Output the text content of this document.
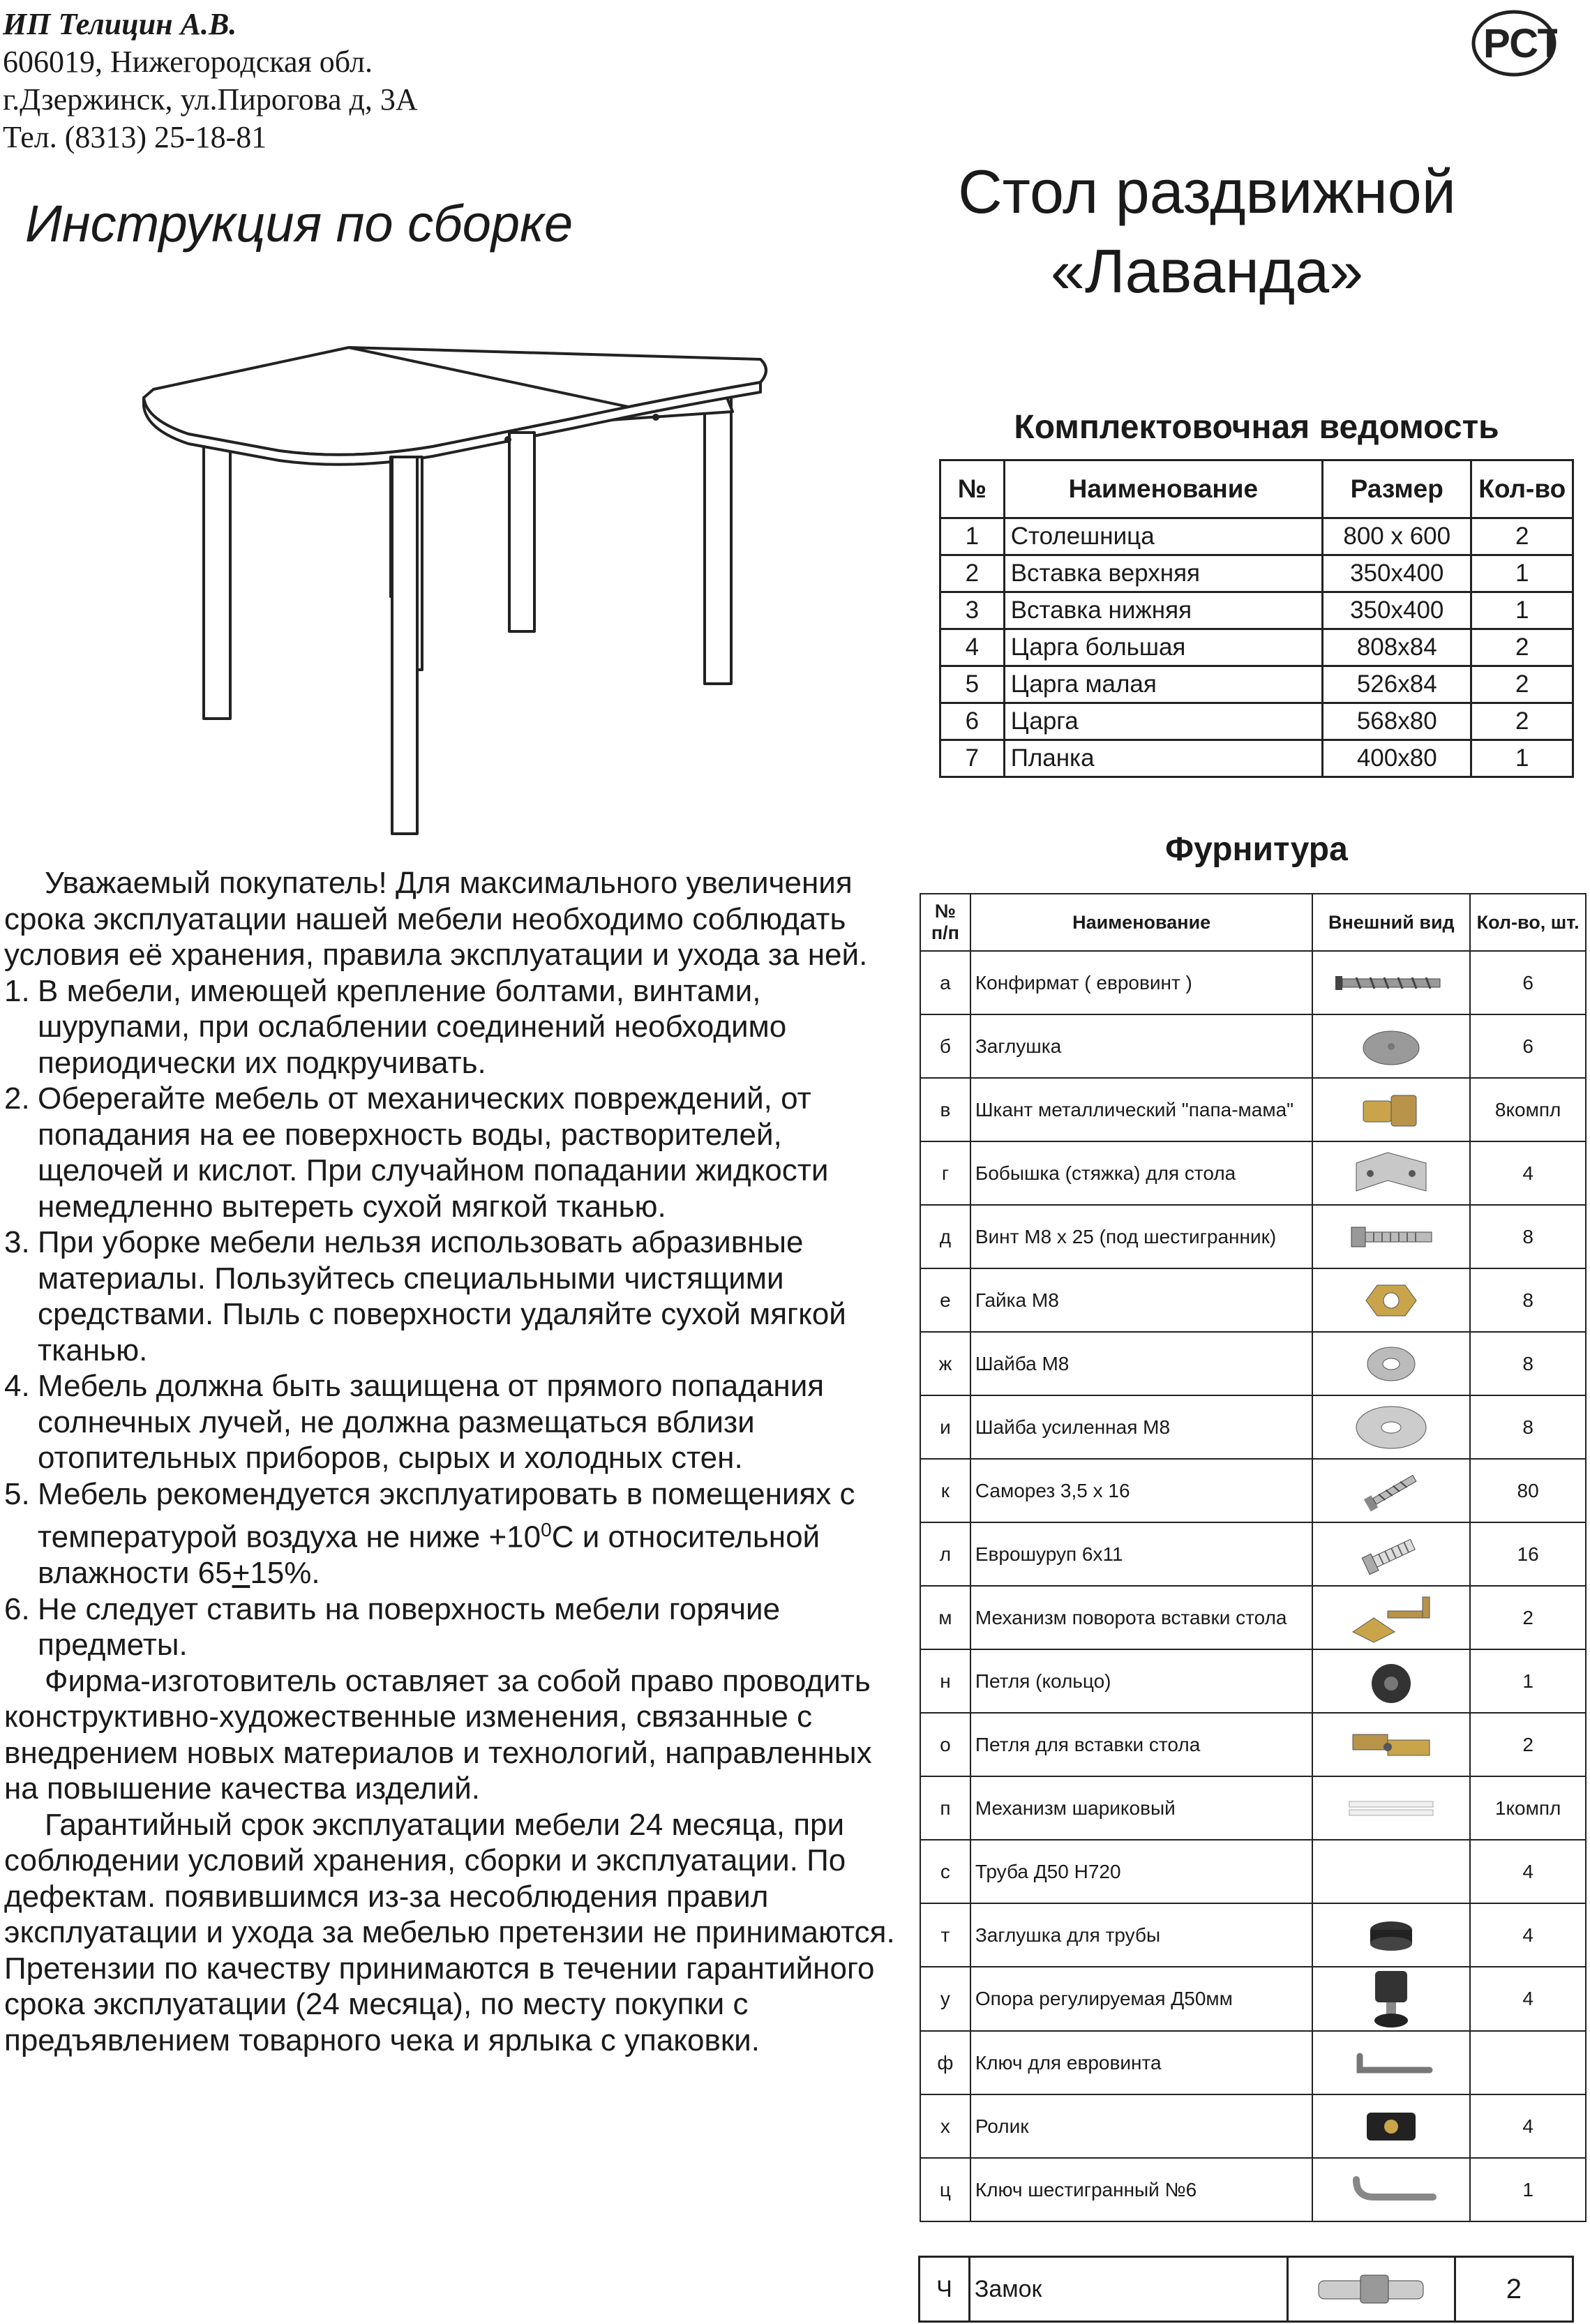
ИП Телицин А.В.
606019, Нижегородская обл.
г.Дзержинск, ул.Пирогова д, 3А
Тел. (8313) 25-18-81
РСТ
Инструкция по сборке	Стол раздвижной
«Лаванда»
Комплектовочная ведомость
№	Наименование	Размер	Кол-во
1	Столешница	800 х 600	2
2	Вставка верхняя	350х400	1
3	Вставка нижняя	350х400	1
4	Царга большая	808х84	2
5	Царга малая	526х84	2
6	Царга	568х80	2
7	Планка	400х80	1
Фурнитура
№ п/п	Наименование	Внешний вид	Кол-во, шт.
а	Конфирмат ( евровинт )		6
б	Заглушка		6
в	Шкант металлический "папа-мама"		8компл
г	Бобышка (стяжка) для стола		4
д	Винт М8 х 25 (под шестигранник)		8
е	Гайка М8		8
ж	Шайба М8		8
и	Шайба усиленная М8		8
к	Саморез 3,5 х 16		80
л	Еврошуруп 6х11		16
м	Механизм поворота вставки стола		2
н	Петля (кольцо)		1
о	Петля для вставки стола		2
п	Механизм шариковый		1компл
с	Труба Д50 Н720		4
т	Заглушка для трубы		4
у	Опора регулируемая Д50мм		4
ф	Ключ для евровинта	

х	Ролик		4
ц	Ключ шестигранный №6		1
Ч	Замок		2

Уважаемый покупатель! Для максимального увеличения срока эксплуатации нашей мебели необходимо соблюдать условия её хранения, правила эксплуатации и ухода за ней.

1. В мебели, имеющей крепление болтами, винтами, шурупами, при ослаблении соединений необходимо периодически их подкручивать.
2. Оберегайте мебель от механических повреждений, от попадания на ее поверхность воды, растворителей, щелочей и кислот. При случайном попадании жидкости немедленно вытереть сухой мягкой тканью.
3. При уборке мебели нельзя использовать абразивные материалы. Пользуйтесь специальными чистящими средствами. Пыль с поверхности удаляйте сухой мягкой тканью.
4. Мебель должна быть защищена от прямого попадания солнечных лучей, не должна размещаться вблизи отопительных приборов, сырых и холодных стен.
5. Мебель рекомендуется эксплуатировать в помещениях с температурой воздуха не ниже $+10^0С$ и относительной влажности 65+15%.
6. Не следует ставить на поверхность мебели горячие предметы.

Фирма-изготовитель оставляет за собой право проводить конструктивно-художественные изменения, связанные с внедрением новых материалов и технологий, направленных на повышение качества изделий.

Гарантийный срок эксплуатации мебели 24 месяца, при соблюдении условий хранения, сборки и эксплуатации. По дефектам. появившимся из-за несоблюдения правил эксплуатации и ухода за мебелью претензии не принимаются. Претензии по качеству принимаются в течении гарантийного срока эксплуатации (24 месяца), по месту покупки с предъявлением товарного чека и ярлыка с упаковки.
